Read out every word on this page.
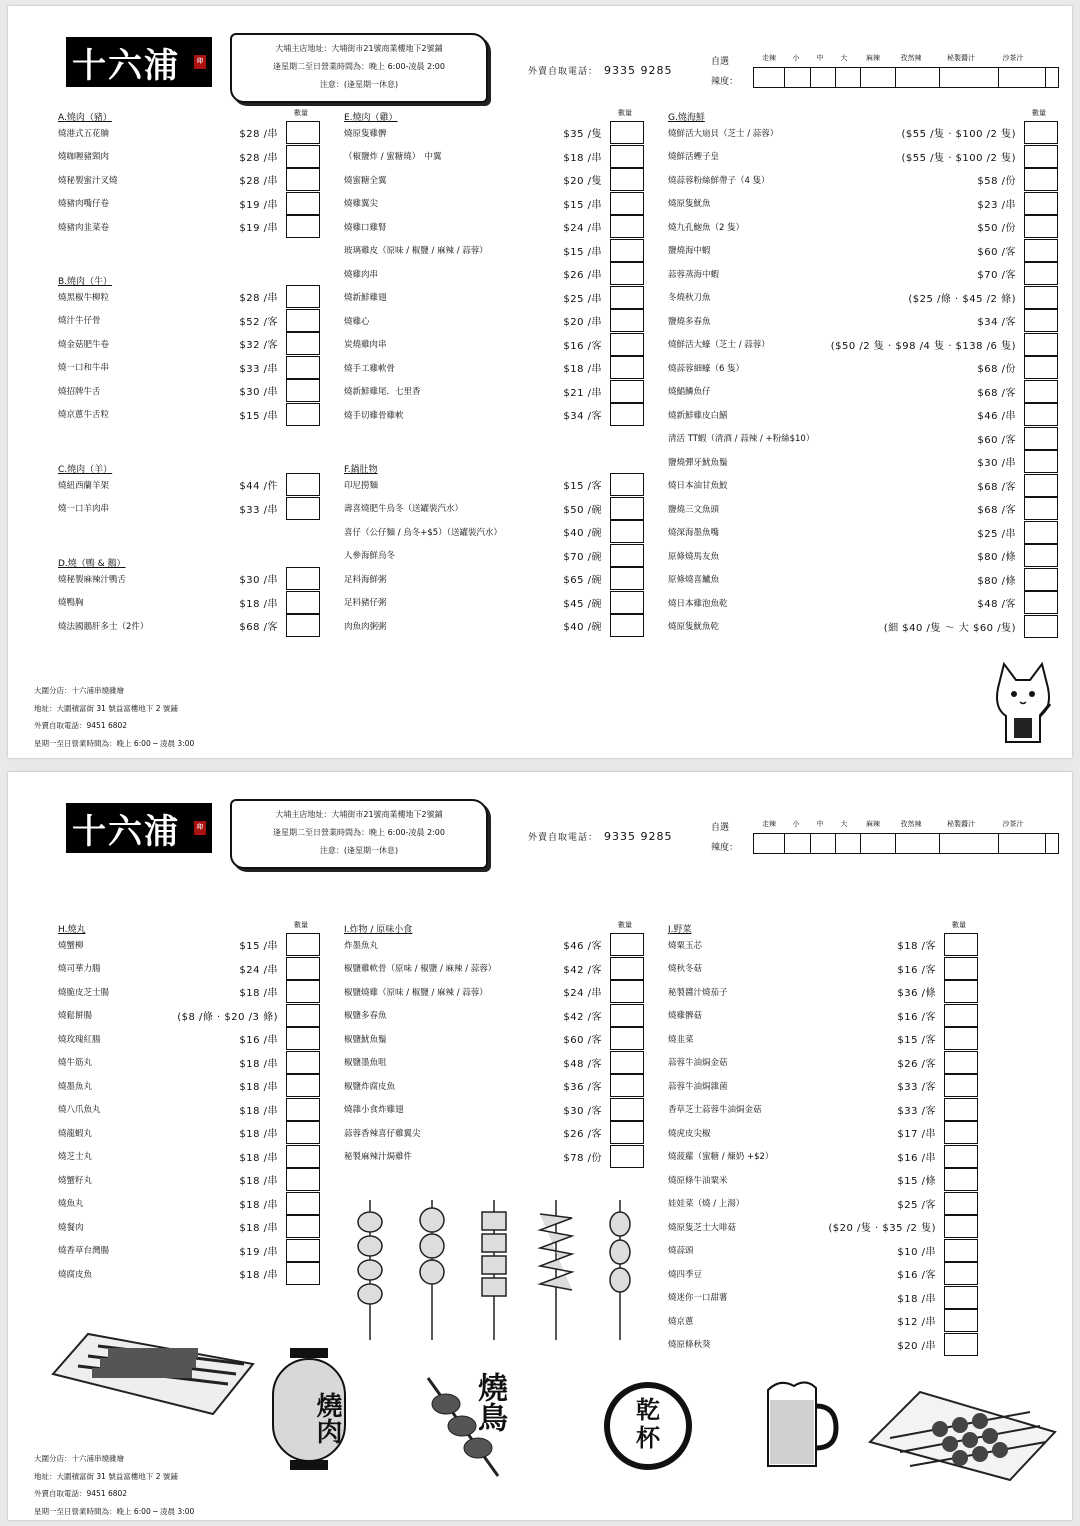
十六浦	印
大埔主店地址：大埔街市21號商業樓地下2號鋪
逢星期二至日營業時間為：晚上 6:00-凌晨 2:00
注意：(逢星期一休息)
外賣自取電話： 9335 9285
自選
辣度：
走辣	小	中	大	麻辣	孜然辣	秘製醬汁	沙茶汁
A.燒肉（豬）	數量
燒港式五花腩	$28 /串
燒咖喱豬頸肉	$28 /串
燒秘製蜜汁叉燒	$28 /串
燒豬肉嘴仔卷	$19 /串
燒豬肉韭菜卷	$19 /串
B.燒肉（牛）
燒黑椒牛柳粒	$28 /串
燒汁牛仔骨	$52 /客
燒金菇肥牛卷	$32 /客
燒一口和牛串	$33 /串
燒招牌牛舌	$30 /串
燒京蔥牛舌粒	$15 /串
C.燒肉（羊）
燒紐西蘭羊架	$44 /件
燒一口羊肉串	$33 /串
D.燒（鴨 & 鵝）
燒秘製麻辣汁鴨舌	$30 /串
燒鴨胸	$18 /串
燒法國鵝肝多士（2件）	$68 /客
E.燒肉（雞）	數量
燒原隻雞髀	$35 /隻
（椒鹽炸 / 蜜糖燒）　中翼	$18 /串
燒蜜糖全翼	$20 /隻
燒雞翼尖	$15 /串
燒雞口雞腎	$24 /串
玻璃雞皮（原味 / 椒鹽 / 麻辣 / 蒜蓉）	$15 /串
燒雞肉串	$26 /串
燒新鮮雞翅	$25 /串
燒雞心	$20 /串
炭燒雞肉串	$16 /客
燒手工雞軟骨	$18 /串
燒新鮮雞尾．七里香	$21 /串
燒手切雞骨雞軟	$34 /客
F.鍋肚物
印尼撈麵	$15 /客
壽喜燒肥牛烏冬（送罐裝汽水）	$50 /碗
喜仔（公仔麵 / 烏冬+$5）（送罐裝汽水）	$40 /碗
人參海鮮烏冬	$70 /碗
足料海鮮粥	$65 /碗
足料豬仔粥	$45 /碗
肉魚肉粥粥	$40 /碗
G.燒海鮮	數量
燒鮮活大扇貝（芝士 / 蒜蓉）	($55 /隻 ‧ $100 /2 隻)
燒鮮活蟶子皇	($55 /隻 ‧ $100 /2 隻)
燒蒜蓉粉絲鮮帶子（4 隻）	$58 /份
燒原隻魷魚	$23 /串
燒九孔鮑魚（2 隻）	$50 /份
鹽燒海中蝦	$60 /客
蒜蓉蒸海中蝦	$70 /客
冬燒秋刀魚	($25 /條 ‧ $45 /2 條)
鹽燒多春魚	$34 /客
燒鮮活大蠔（芝士 / 蒜蓉）	($50 /2 隻 ‧ $98 /4 隻 ‧ $138 /6 隻)
燒蒜蓉細蠔（6 隻）	$68 /份
燒鯧鱗魚仔	$68 /客
燒新鮮雞皮白鱔	$46 /串
清活 TT蝦（清酒 / 蒜辣 / +粉絲$10）	$60 /客
鹽燒彈牙魷魚鬚	$30 /串
燒日本油甘魚鮫	$68 /客
鹽燒三文魚頭	$68 /客
燒深海墨魚嘴	$25 /串
原條燒馬友魚	$80 /條
原條燒喜鱸魚	$80 /條
燒日本雞泡魚乾	$48 /客
燒原隻魷魚乾	(細 $40 /隻 ～ 大 $60 /隻)
大圍分店：十六浦串燒雜燴
地址：大圍積富街 31 號益富樓地下 2 號鋪
外賣自取電話：9451 6802
星期一至日營業時間為：晚上 6:00 ─ 凌晨 3:00
十六浦	印
大埔主店地址：大埔街市21號商業樓地下2號鋪
逢星期二至日營業時間為：晚上 6:00-凌晨 2:00
注意：(逢星期一休息)
外賣自取電話： 9335 9285
自選
辣度：
走辣	小	中	大	麻辣	孜然辣	秘製醬汁	沙茶汁
H.燒丸	數量
燒蟹柳	$15 /串
燒司華力腸	$24 /串
燒脆皮芝士腸	$18 /串
燒鬆餅腸	($8 /條 ‧ $20 /3 條)
燒玫瑰紅腸	$16 /串
燒牛筋丸	$18 /串
燒墨魚丸	$18 /串
燒八爪魚丸	$18 /串
燒龍蝦丸	$18 /串
燒芝士丸	$18 /串
燒蟹籽丸	$18 /串
燒魚丸	$18 /串
燒餐肉	$18 /串
燒香草台灣腸	$19 /串
燒腐皮魚	$18 /串
I.炸物 / 原味小食	數量
炸墨魚丸	$46 /客
椒鹽雞軟骨（原味 / 椒鹽 / 麻辣 / 蒜蓉）	$42 /客
椒鹽燒雞（原味 / 椒鹽 / 麻辣 / 蒜蓉）	$24 /串
椒鹽多春魚	$42 /客
椒鹽魷魚鬚	$60 /客
椒鹽墨魚咀	$48 /客
椒鹽炸腐皮魚	$36 /客
燒雜小食炸雞翅	$30 /客
蒜蓉香辣喜仔雞翼尖	$26 /客
秘製麻辣汁焗雞件	$78 /份
J.野菜	數量
燒粟玉芯	$18 /客
燒秋冬菇	$16 /客
秘製醬汁燒茄子	$36 /條
燒雞髀菇	$16 /客
燒韭菜	$15 /客
蒜蓉牛油焗金菇	$26 /客
蒜蓉牛油焗雜菌	$33 /客
香草芝士蒜蓉牛油焗金菇	$33 /客
燒虎皮尖椒	$17 /串
燒菠蘿（蜜糖 / 煉奶 +$2）	$16 /串
燒原條牛油粟米	$15 /條
娃娃菜（燒 / 上湯）	$25 /客
燒原隻芝士大啡菇	($20 /隻 ‧ $35 /2 隻)
燒蒜頭	$10 /串
燒四季豆	$16 /客
燒迷你一口甜薯	$18 /串
燒京蔥	$12 /串
燒原條秋葵	$20 /串
燒肉	燒鳥	乾杯
大圍分店：十六浦串燒雜燴
地址：大圍積富街 31 號益富樓地下 2 號鋪
外賣自取電話：9451 6802
星期一至日營業時間為：晚上 6:00 ─ 凌晨 3:00
